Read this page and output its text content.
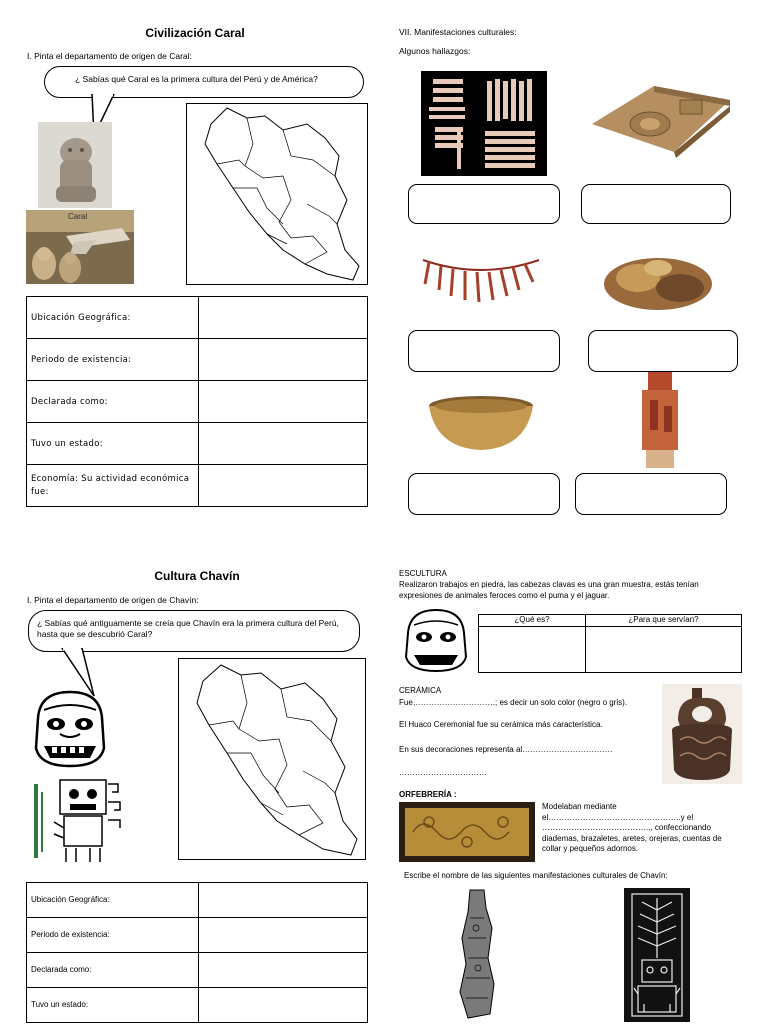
Civilización Caral
I. Pinta el departamento de origen de Caral:
¿ Sabías qué Caral es la primera cultura del Perú y de América?
Caral
Ubicación Geográfica:	
Periodo de existencia:	
Declarada como:	
Tuvo un estado:	
Economía: Su actividad económica fue:	
VII. Manifestaciones culturales:
Algunos hallazgos:
Cultura Chavín
I. Pinta el departamento de origen de Chavín:
¿ Sabías qué antiguamente se creía que Chavín era la primera cultura del Perú, hasta que se descubrió Caral?
Ubicación Geográfica:	
Periodo de existencia:	
Declarada como:	
Tuvo un estado:	
ESCULTURA
Realizaron trabajos en piedra, las cabezas clavas es una gran muestra, estás tenían expresiones de animales feroces como el puma y el jaguar.
¿Qué es?	¿Para que servían?

CERÁMICA
Fue………………………….; es decir un solo color (negro o gris).
El Huaco Ceremonial fue su cerámica más característica.
En sus decoraciones representa al…………………………….
……………………………
ORFEBRERÍA :
Modelaban mediante el…………………………………………..y el ………………………………….., confeccionando diademas, brazaletes, aretes, orejeras, cuentas de collar y pequeños adornos.
Escribe el nombre de las siguientes manifestaciones culturales de Chavín:
